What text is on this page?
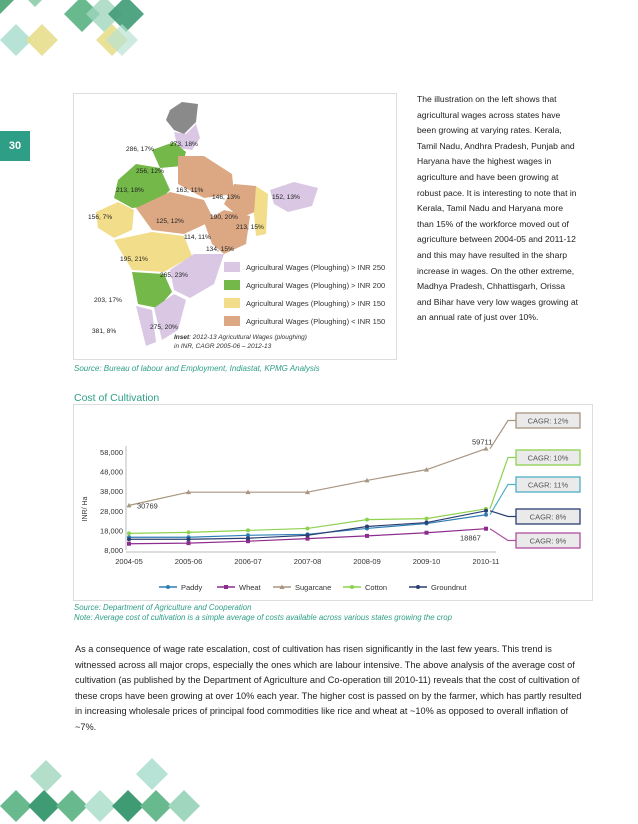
30	286, 17%
273, 18%
256, 12%
213, 18%	163, 11%
146, 13%	152, 13%
156, 7%
125, 12%
190, 20%
213, 15%
114, 11%
134, 15%
195, 21%
265, 23%
203, 17%
275, 20%
381, 8%
Agricultural Wages (Ploughing) > INR 250
Agricultural Wages (Ploughing) > INR 200
Agricultural Wages (Ploughing) > INR 150
Agricultural Wages (Ploughing) < INR 150
Inset: 2012-13 Agricultural Wages (ploughing)
in INR, CAGR 2005-06 – 2012-13
Source: Bureau of labour and Employment, Indiastat, KPMG Analysis
The illustration on the left shows that agricultural wages across states have been growing at varying rates. Kerala, Tamil Nadu, Andhra Pradesh, Punjab and Haryana have the highest wages in agriculture and have been growing at robust pace. It is interesting to note that in Kerala, Tamil Nadu and Haryana more than 15% of the workforce moved out of agriculture between 2004-05 and 2011-12 and this may have resulted in the sharp increase in wages. On the other extreme, Madhya Pradesh, Chhattisgarh, Orissa and Bihar have very low wages growing at an annual rate of just over 10%.
Cost of Cultivation
58,000
48,000
38,000
28,000
18,000
8,000
INR/ Ha
2004-05	2005-06	2006-07	2007-08	2008-09	2009-10	2010-11
30769
59711
18867
CAGR: 12%
CAGR: 10%
CAGR: 11%
CAGR: 8%
CAGR: 9%
Paddy	Wheat	Sugarcane	Cotton	Groundnut
Source: Department of Agriculture and Cooperation
Note: Average cost of cultivation is a simple average of costs available across various states growing the crop
As a consequence of wage rate escalation, cost of cultivation has risen significantly in the last few years. This trend is witnessed across all major crops, especially the ones which are labour intensive. The above analysis of the average cost of cultivation (as published by the Department of Agriculture and Co-operation till 2010-11) reveals that the cost of cultivation of these crops have been growing at over 10% each year. The higher cost is passed on by the farmer, which has partly resulted in increasing wholesale prices of principal food commodities like rice and wheat at ~10% as opposed to overall inflation of ~7%.
